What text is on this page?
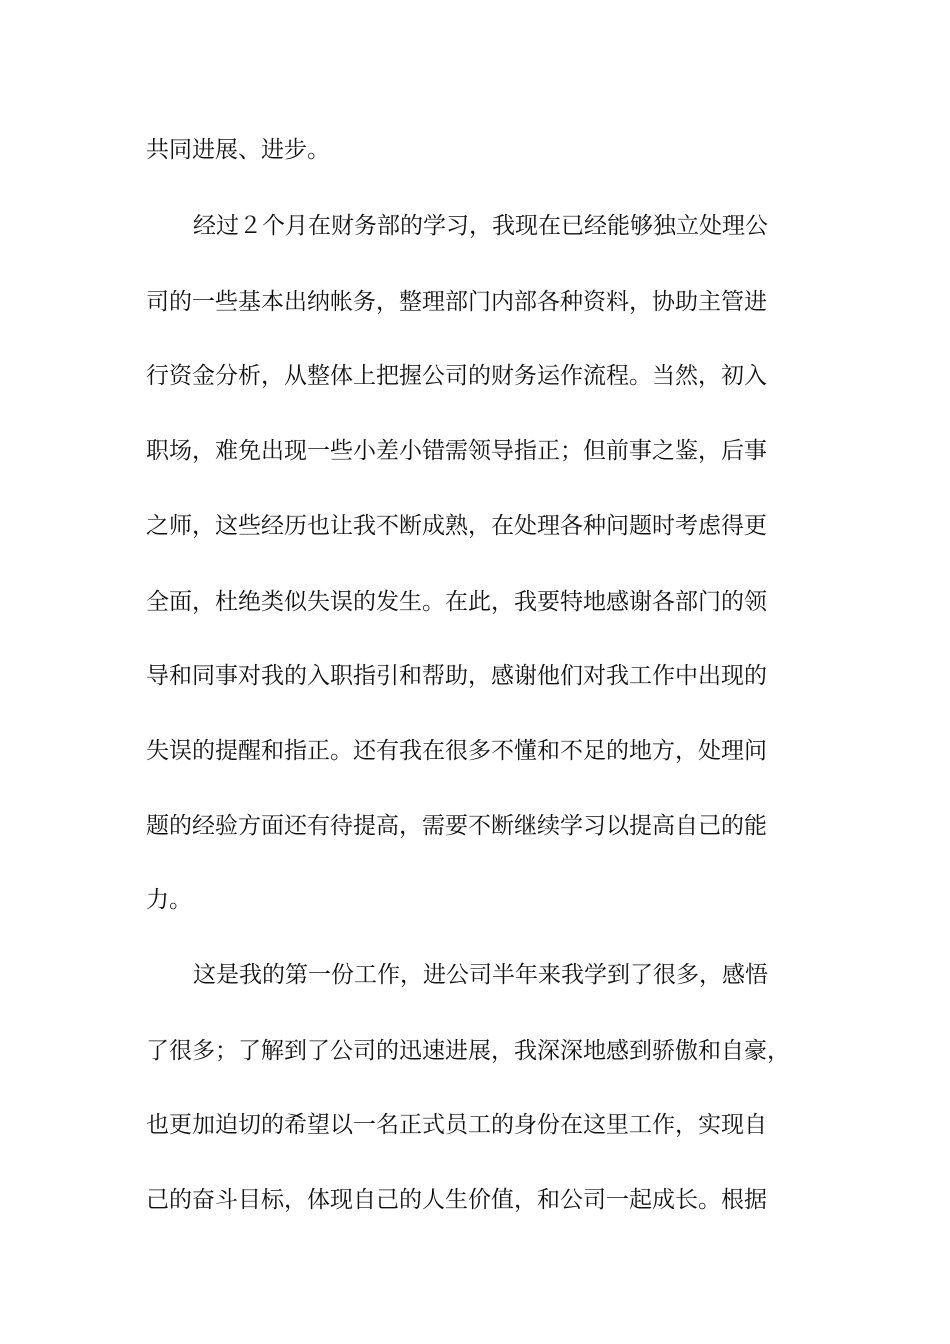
共同进展、进步。
经过２个月在财务部的学习，我现在已经能够独立处理公
司的一些基本出纳帐务，整理部门内部各种资料，协助主管进
行资金分析，从整体上把握公司的财务运作流程。当然，初入
职场，难免出现一些小差小错需领导指正；但前事之鉴，后事
之师，这些经历也让我不断成熟，在处理各种问题时考虑得更
全面，杜绝类似失误的发生。在此，我要特地感谢各部门的领
导和同事对我的入职指引和帮助，感谢他们对我工作中出现的
失误的提醒和指正。还有我在很多不懂和不足的地方，处理问
题的经验方面还有待提高，需要不断继续学习以提高自己的能
力。
这是我的第一份工作，进公司半年来我学到了很多，感悟
了很多；了解到了公司的迅速进展，我深深地感到骄傲和自豪，
也更加迫切的希望以一名正式员工的身份在这里工作，实现自
己的奋斗目标，体现自己的人生价值，和公司一起成长。根据
